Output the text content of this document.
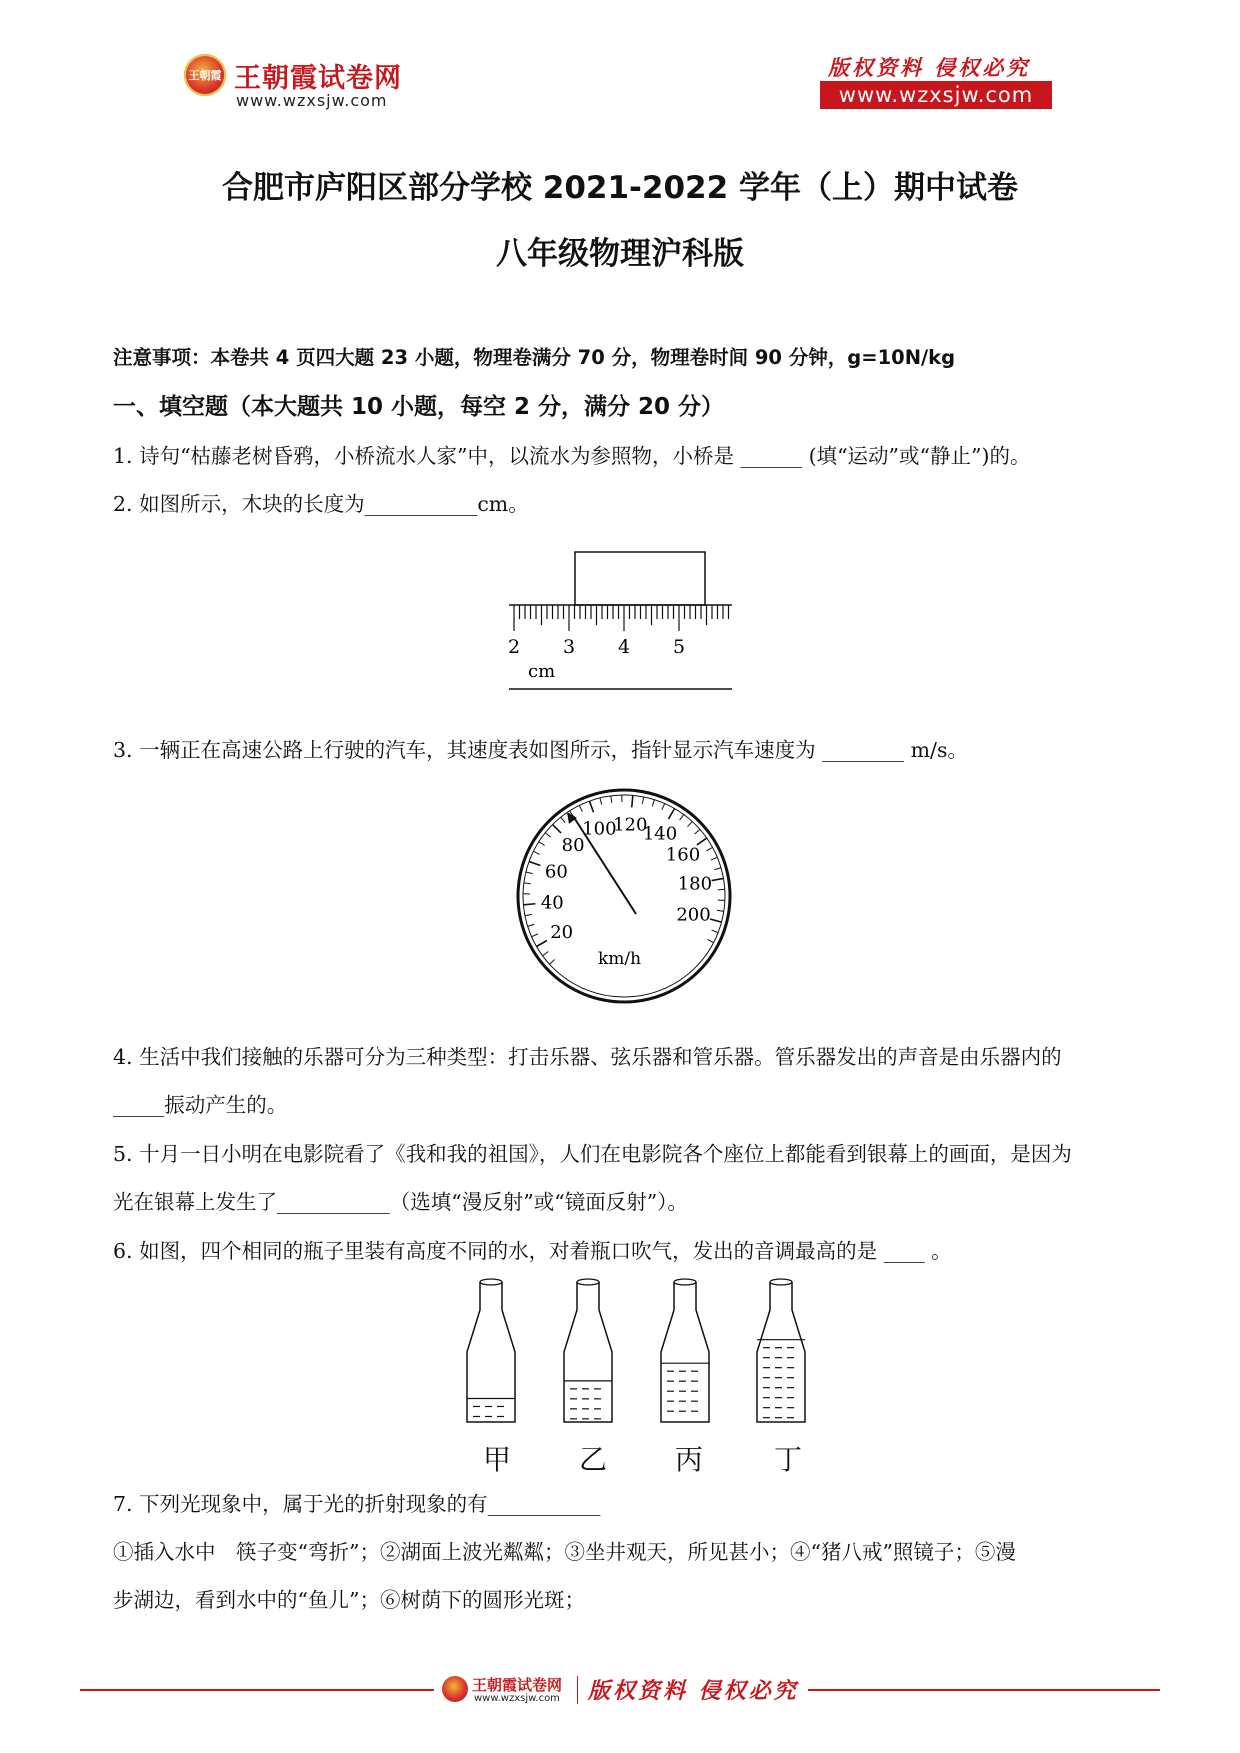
王朝霞 王朝霞试卷网
www.wzxsjw.com
版权资料 侵权必究
www.wzxsjw.com
合肥市庐阳区部分学校 2021-2022 学年（上）期中试卷
八年级物理沪科版
注意事项：本卷共 4 页四大题 23 小题，物理卷满分 70 分，物理卷时间 90 分钟，g=10N/kg
一、填空题（本大题共 10 小题，每空 2 分，满分 20 分）
1. 诗句“枯藤老树昏鸦，小桥流水人家”中，以流水为参照物，小桥是 ______ (填“运动”或“静止”)的。
2. 如图所示，木块的长度为___________cm。
2 3 4 5
cm
3. 一辆正在高速公路上行驶的汽车，其速度表如图所示，指针显示汽车速度为 ________ m/s。
20
40
60
80
100
120
140
160
180
200
km/h
4. 生活中我们接触的乐器可分为三种类型：打击乐器、弦乐器和管乐器。管乐器发出的声音是由乐器内的
_____振动产生的。
5. 十月一日小明在电影院看了《我和我的祖国》，人们在电影院各个座位上都能看到银幕上的画面，是因为
光在银幕上发生了___________（选填“漫反射”或“镜面反射”）。
6. 如图，四个相同的瓶子里装有高度不同的水，对着瓶口吹气，发出的音调最高的是 ____ 。
甲 乙 丙	丁
7. 下列光现象中，属于光的折射现象的有___________
①插入水中　筷子变“弯折”；②湖面上波光粼粼；③坐井观天，所见甚小；④“猪八戒”照镜子；⑤漫
步湖边，看到水中的“鱼儿”；⑥树荫下的圆形光斑；
王朝霞试卷网
www.wzxsjw.com 版权资料 侵权必究
